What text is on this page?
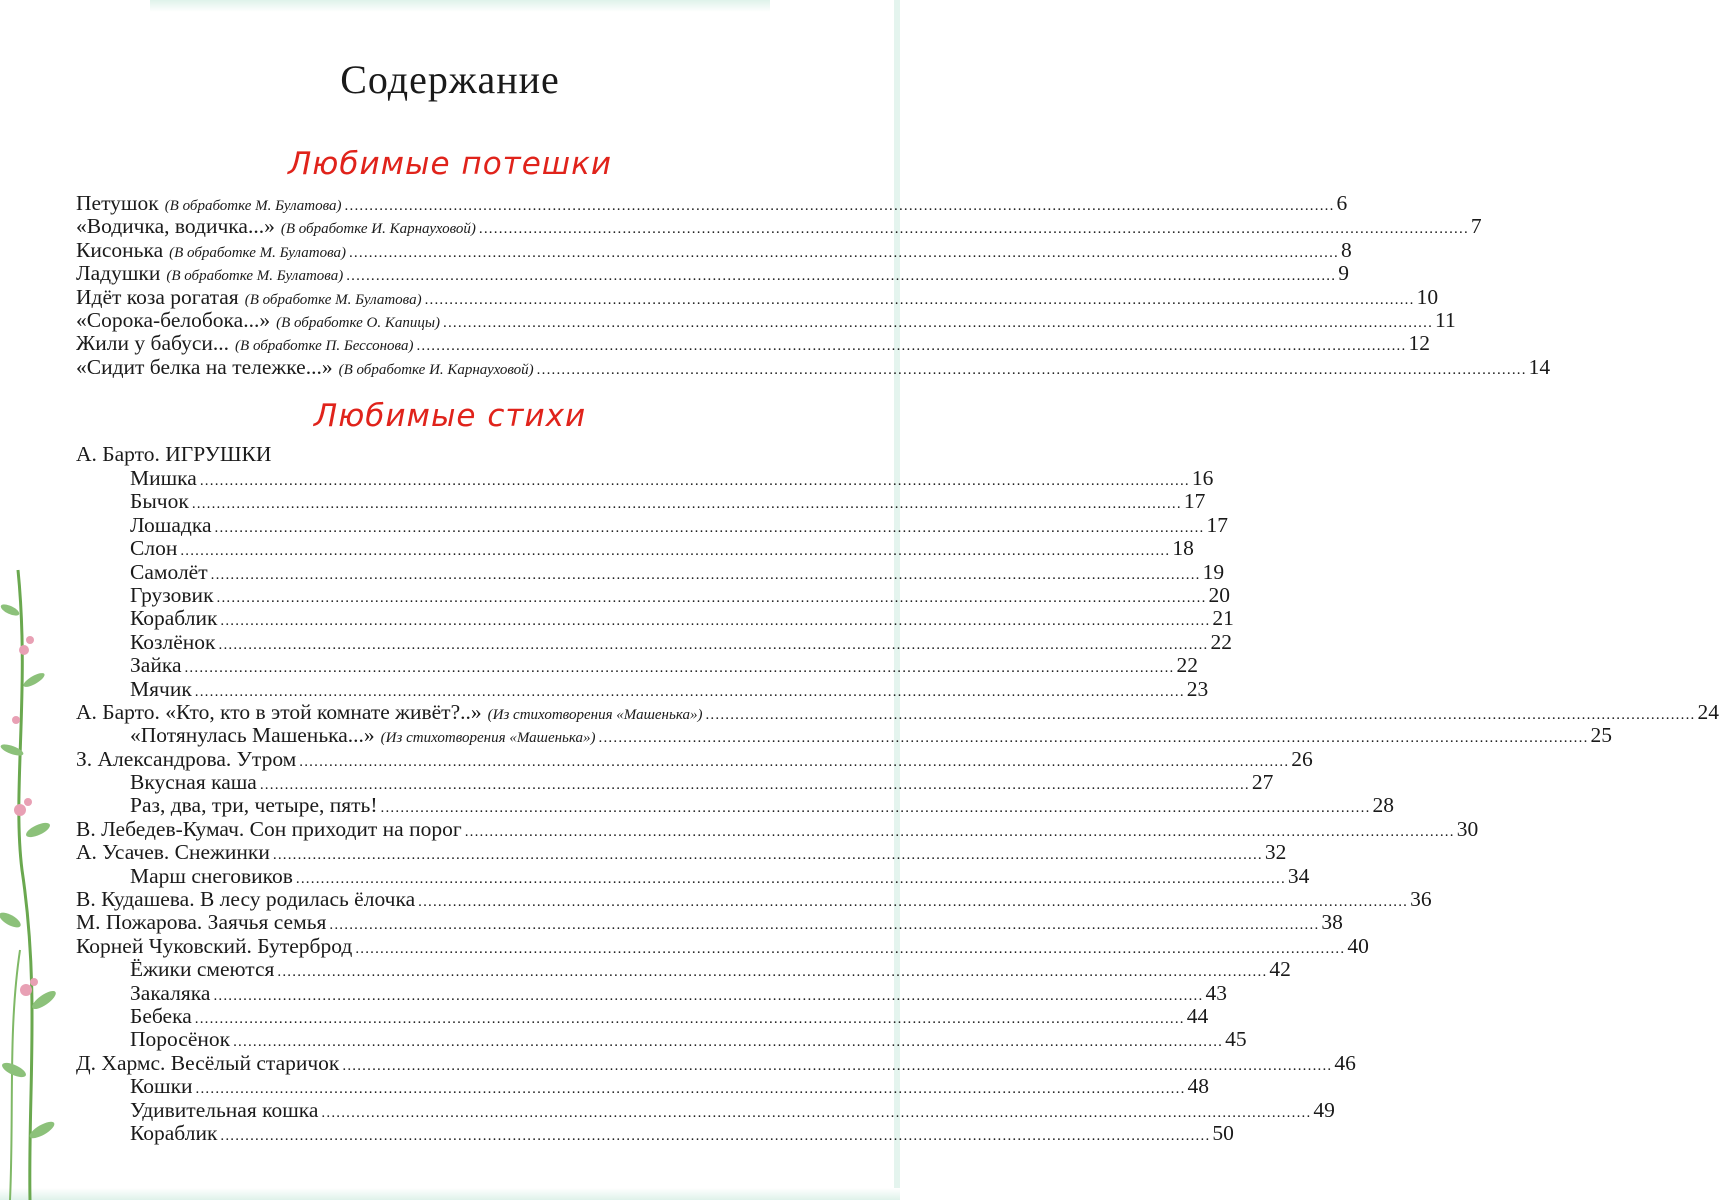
Содержание
Любимые потешки
Петушок (В обработке М. Булатова) ........................................................................................................................................................................................................ 6
«Водичка, водичка...» (В обработке И. Карнауховой) ........................................................................................................................................................................................................ 7
Кисонька (В обработке М. Булатова) ........................................................................................................................................................................................................ 8
Ладушки (В обработке М. Булатова) ........................................................................................................................................................................................................ 9
Идёт коза рогатая (В обработке М. Булатова) ........................................................................................................................................................................................................ 10
«Сорока-белобока...» (В обработке О. Капицы) ........................................................................................................................................................................................................ 11
Жили у бабуси... (В обработке П. Бессонова) ........................................................................................................................................................................................................ 12
«Сидит белка на тележке...» (В обработке И. Карнауховой) ........................................................................................................................................................................................................ 14
Любимые стихи
А. Барто. ИГРУШКИ
Мишка ........................................................................................................................................................................................................ 16
Бычок ........................................................................................................................................................................................................ 17
Лошадка ........................................................................................................................................................................................................ 17
Слон ........................................................................................................................................................................................................ 18
Самолёт ........................................................................................................................................................................................................ 19
Грузовик ........................................................................................................................................................................................................ 20
Кораблик ........................................................................................................................................................................................................ 21
Козлёнок ........................................................................................................................................................................................................ 22
Зайка ........................................................................................................................................................................................................ 22
Мячик ........................................................................................................................................................................................................ 23
А. Барто. «Кто, кто в этой комнате живёт?..» (Из стихотворения «Машенька») ........................................................................................................................................................................................................ 24
«Потянулась Машенька...» (Из стихотворения «Машенька») ........................................................................................................................................................................................................ 25
З. Александрова. Утром ........................................................................................................................................................................................................ 26
Вкусная каша ........................................................................................................................................................................................................ 27
Раз, два, три, четыре, пять! ........................................................................................................................................................................................................ 28
В. Лебедев-Кумач. Сон приходит на порог ........................................................................................................................................................................................................ 30
А. Усачев. Снежинки ........................................................................................................................................................................................................ 32
Марш снеговиков ........................................................................................................................................................................................................ 34
В. Кудашева. В лесу родилась ёлочка ........................................................................................................................................................................................................ 36
М. Пожарова. Заячья семья ........................................................................................................................................................................................................ 38
Корней Чуковский. Бутерброд ........................................................................................................................................................................................................ 40
Ёжики смеются ........................................................................................................................................................................................................ 42
Закаляка ........................................................................................................................................................................................................ 43
Бебека ........................................................................................................................................................................................................ 44
Поросёнок ........................................................................................................................................................................................................ 45
Д. Хармс. Весёлый старичок ........................................................................................................................................................................................................ 46
Кошки ........................................................................................................................................................................................................ 48
Удивительная кошка ........................................................................................................................................................................................................ 49
Кораблик ........................................................................................................................................................................................................ 50
